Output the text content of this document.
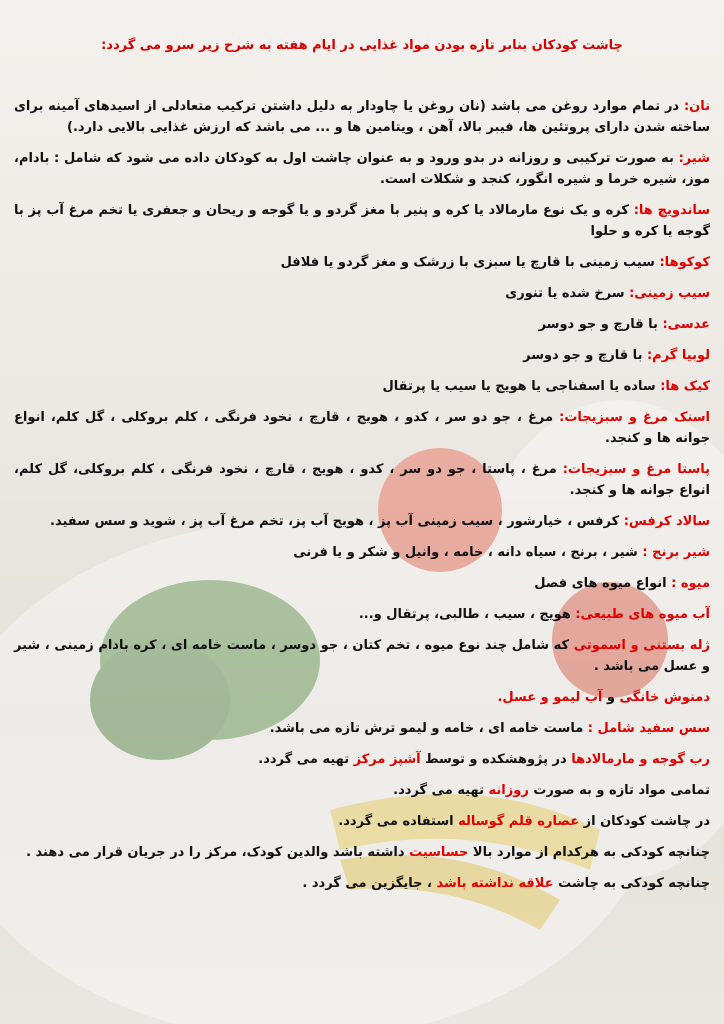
چاشت کودکان بنابر تازه بودن مواد غذایی در ایام هفته به شرح زیر سرو می گردد:
نان: در تمام موارد روغن می باشد (نان روغن یا چاودار به دلیل داشتن ترکیب متعادلی از اسیدهای آمینه برای ساخته شدن دارای پروتئین ها، فیبر بالا، آهن ، ویتامین ها و ... می باشد که ارزش غذایی بالایی دارد.)
شیر: به صورت ترکیبی و روزانه در بدو ورود و به عنوان چاشت اول به کودکان داده می شود که شامل : بادام، موز، شیره خرما و شیره انگور، کنجد و شکلات است.
ساندویچ ها: کره و یک نوع مارمالاد یا کره و پنیر با مغز گردو و یا گوجه و ریحان و جعفری یا تخم مرغ آب پز با گوجه یا کره و حلوا
کوکوها: سیب زمینی با قارچ یا سبزی با زرشک و مغز گردو یا فلافل
سیب زمینی: سرخ شده یا تنوری
عدسی: با قارچ و جو دوسر
لوبیا گرم: با قارچ و جو دوسر
کیک ها: ساده یا اسفناجی یا هویج یا سیب یا پرتقال
اسنک مرغ و سبزیجات: مرغ ، جو دو سر ، کدو ، هویج ، قارچ ، نخود فرنگی ، کلم بروکلی ، گل کلم، انواع جوانه ها و کنجد.
پاستا مرغ و سبزیجات: مرغ ، پاستا ، جو دو سر ، کدو ، هویج ، قارچ ، نخود فرنگی ، کلم بروکلی، گل کلم، انواع جوانه ها و کنجد.
سالاد کرفس: کرفس ، خیارشور ، سیب زمینی آب پز ، هویج آب پز، تخم مرغ آب پز ، شوید و سس سفید.
شیر برنج : شیر ، برنج ، سیاه دانه ، خامه ، وانیل و شکر و یا فرنی
میوه : انواع میوه های فصل
آب میوه های طبیعی: هویج ، سیب ، طالبی، پرتقال و...
ژله بستنی و اسموتی که شامل چند نوع میوه ، تخم کتان ، جو دوسر ، ماست خامه ای ، کره بادام زمینی ، شیر و عسل می باشد .
دمنوش خانگی و آب لیمو و عسل.
سس سفید شامل : ماست خامه ای ، خامه و لیمو ترش تازه می باشد.
رب گوجه و مارمالادها در پژوهشکده و توسط آشپز مرکز تهیه می گردد.
تمامی مواد تازه و به صورت روزانه تهیه می گردد.
در چاشت کودکان از عصاره قلم گوساله استفاده می گردد.
چنانچه کودکی به هرکدام از موارد بالا حساسیت داشته باشد والدین کودک، مرکز را در جریان قرار می دهند .
چنانچه کودکی به چاشت علاقه نداشته باشد ، جایگزین می گردد .
